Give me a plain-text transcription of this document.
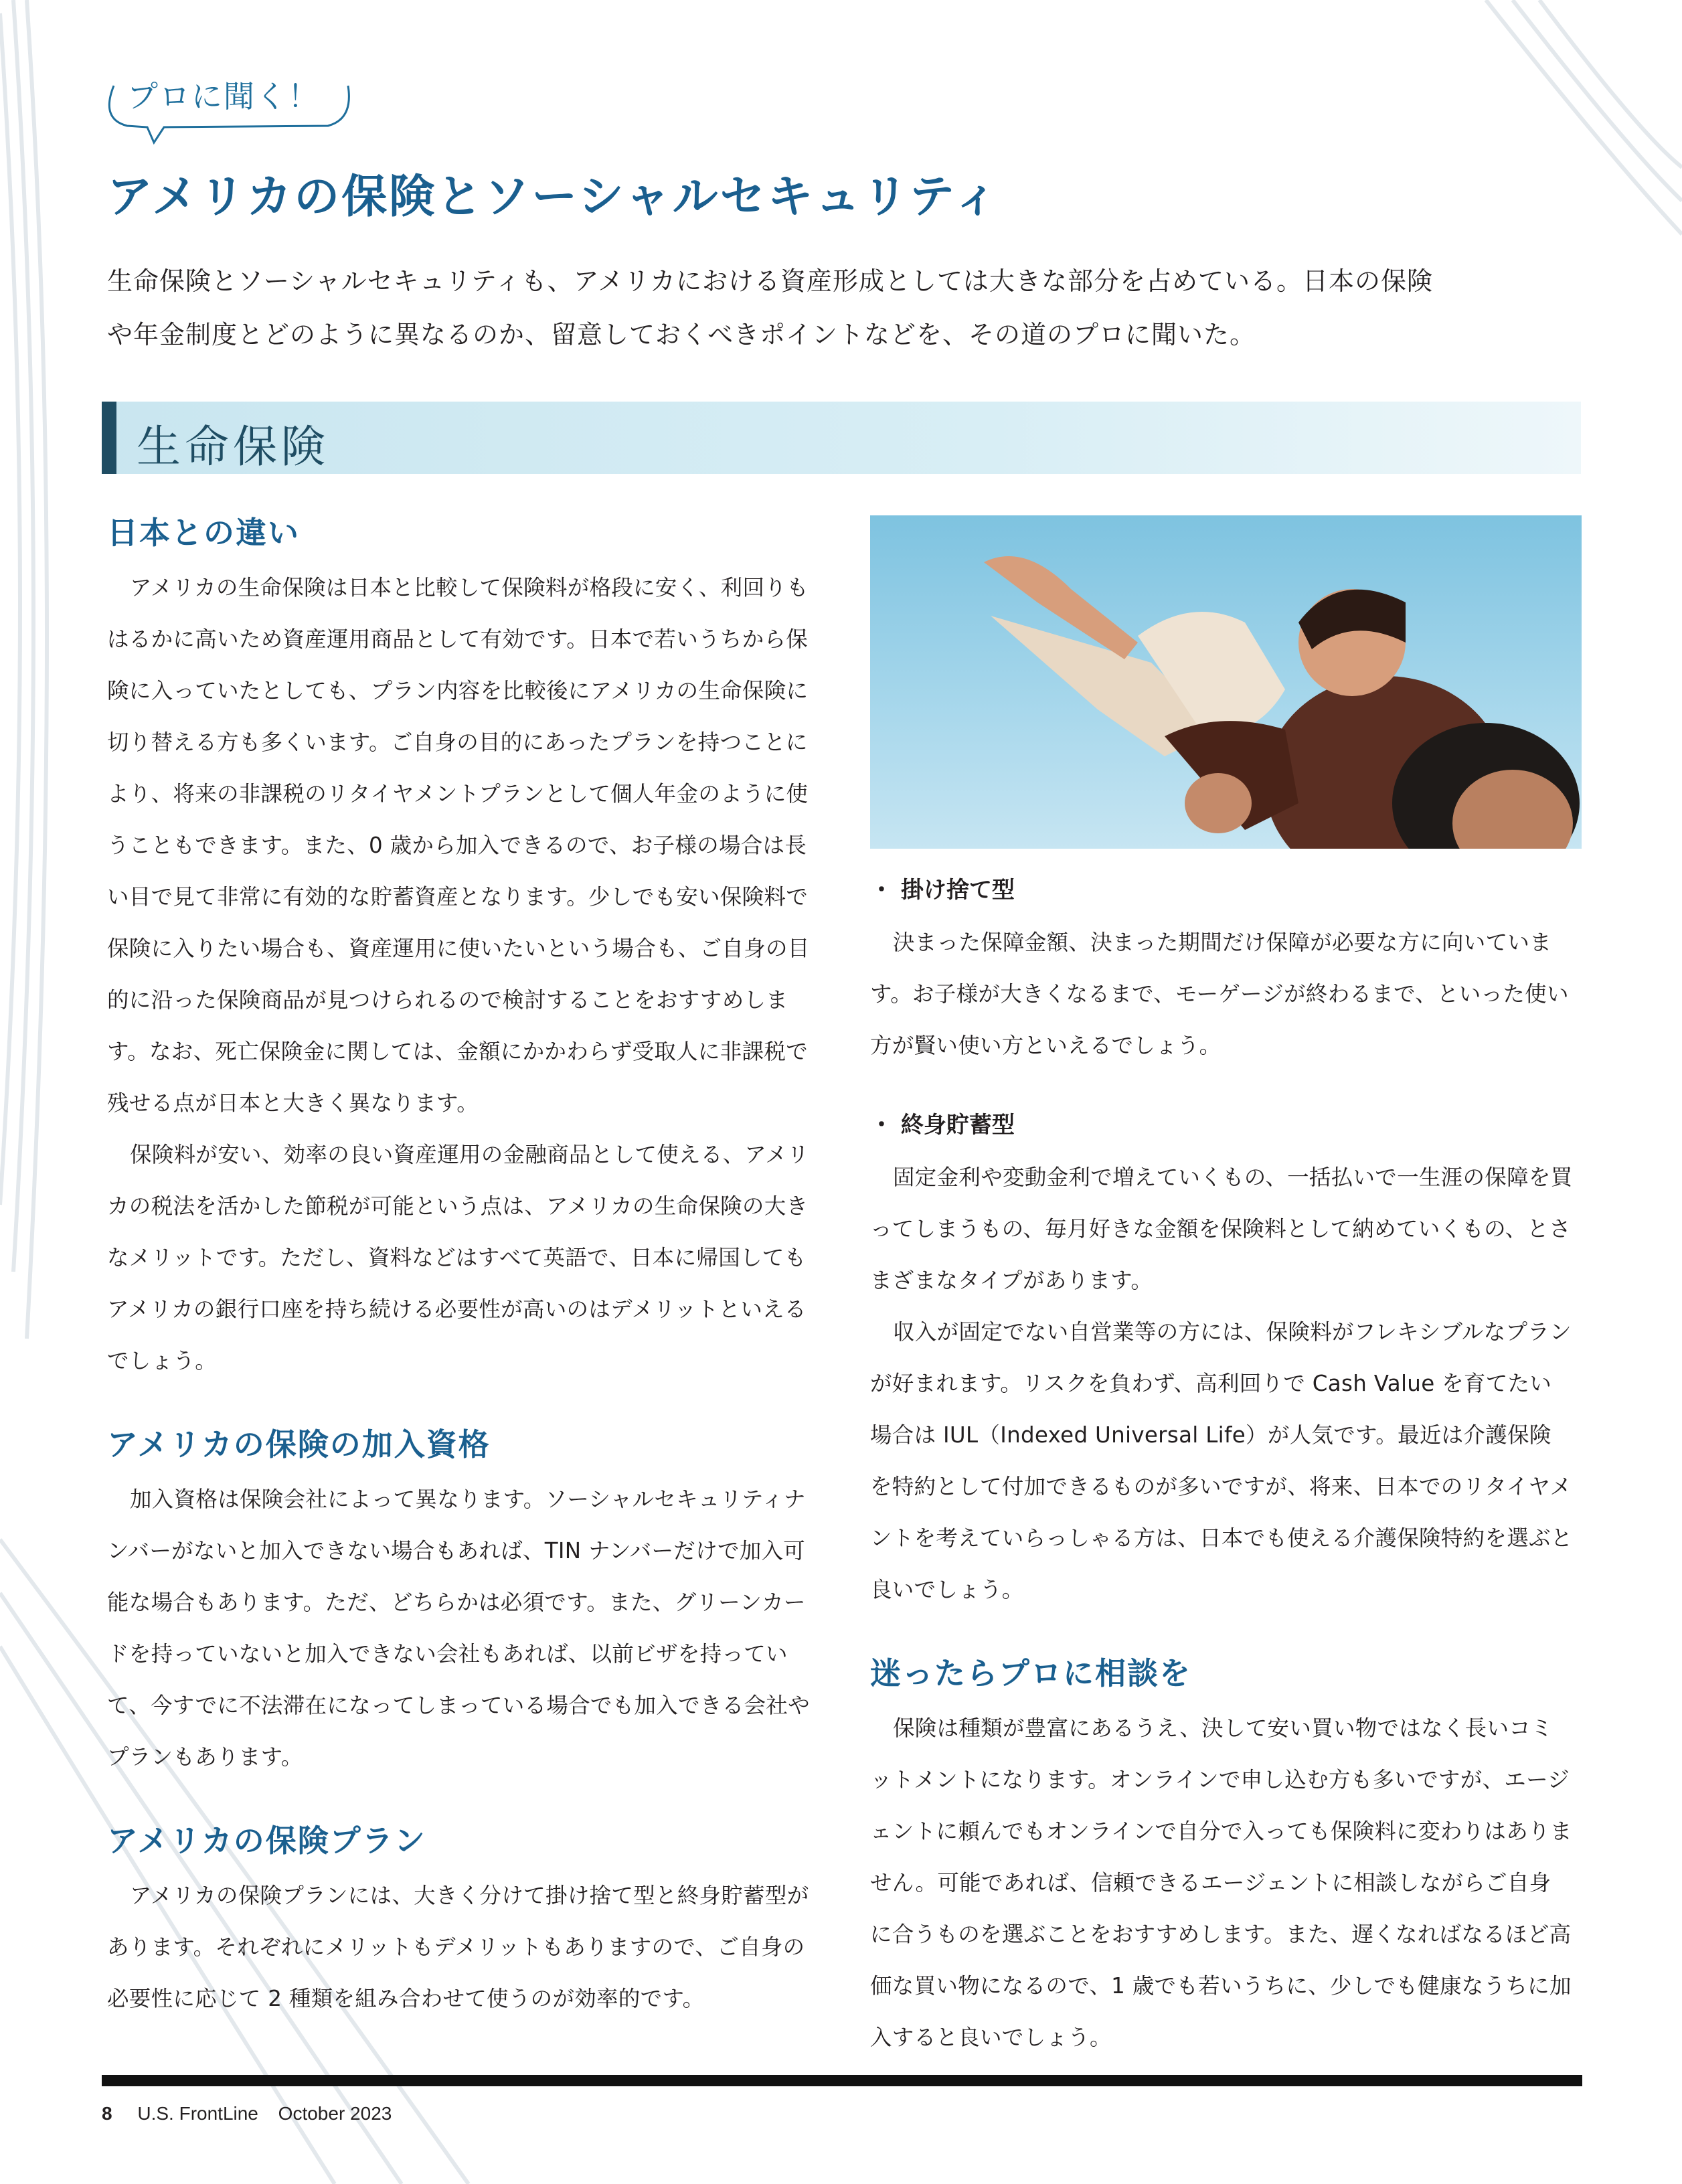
プロに聞く！
アメリカの保険とソーシャルセキュリティ
生命保険とソーシャルセキュリティも、アメリカにおける資産形成としては大きな部分を占めている。日本の保険
や年金制度とどのように異なるのか、留意しておくべきポイントなどを、その道のプロに聞いた。
生命保険
日本との違い

アメリカの生命保険は日本と比較して保険料が格段に安く、利回りもはるかに高いため資産運用商品として有効です。日本で若いうちから保険に入っていたとしても、プラン内容を比較後にアメリカの生命保険に切り替える方も多くいます。ご自身の目的にあったプランを持つことにより、将来の非課税のリタイヤメントプランとして個人年金のように使うこともできます。また、0 歳から加入できるので、お子様の場合は長い目で見て非常に有効的な貯蓄資産となります。少しでも安い保険料で保険に入りたい場合も、資産運用に使いたいという場合も、ご自身の目的に沿った保険商品が見つけられるので検討することをおすすめします。なお、死亡保険金に関しては、金額にかかわらず受取人に非課税で残せる点が日本と大きく異なります。

保険料が安い、効率の良い資産運用の金融商品として使える、アメリカの税法を活かした節税が可能という点は、アメリカの生命保険の大きなメリットです。ただし、資料などはすべて英語で、日本に帰国してもアメリカの銀行口座を持ち続ける必要性が高いのはデメリットといえるでしょう。

アメリカの保険の加入資格

加入資格は保険会社によって異なります。ソーシャルセキュリティナンバーがないと加入できない場合もあれば、TIN ナンバーだけで加入可能な場合もあります。ただ、どちらかは必須です。また、グリーンカードを持っていないと加入できない会社もあれば、以前ビザを持っていて、今すでに不法滞在になってしまっている場合でも加入できる会社やプランもあります。

アメリカの保険プラン

アメリカの保険プランには、大きく分けて掛け捨て型と終身貯蓄型があります。それぞれにメリットもデメリットもありますので、ご自身の必要性に応じて 2 種類を組み合わせて使うのが効率的です。

・ 掛け捨て型

決まった保障金額、決まった期間だけ保障が必要な方に向いています。お子様が大きくなるまで、モーゲージが終わるまで、といった使い方が賢い使い方といえるでしょう。

・ 終身貯蓄型

固定金利や変動金利で増えていくもの、一括払いで一生涯の保障を買ってしまうもの、毎月好きな金額を保険料として納めていくもの、とさまざまなタイプがあります。

収入が固定でない自営業等の方には、保険料がフレキシブルなプランが好まれます。リスクを負わず、高利回りで Cash Value を育てたい場合は IUL（Indexed Universal Life）が人気です。最近は介護保険を特約として付加できるものが多いですが、将来、日本でのリタイヤメントを考えていらっしゃる方は、日本でも使える介護保険特約を選ぶと良いでしょう。

迷ったらプロに相談を

保険は種類が豊富にあるうえ、決して安い買い物ではなく長いコミットメントになります。オンラインで申し込む方も多いですが、エージェントに頼んでもオンラインで自分で入っても保険料に変わりはありません。可能であれば、信頼できるエージェントに相談しながらご自身に合うものを選ぶことをおすすめします。また、遅くなればなるほど高価な買い物になるので、1 歳でも若いうちに、少しでも健康なうちに加入すると良いでしょう。

8 U.S. FrontLine October 2023
